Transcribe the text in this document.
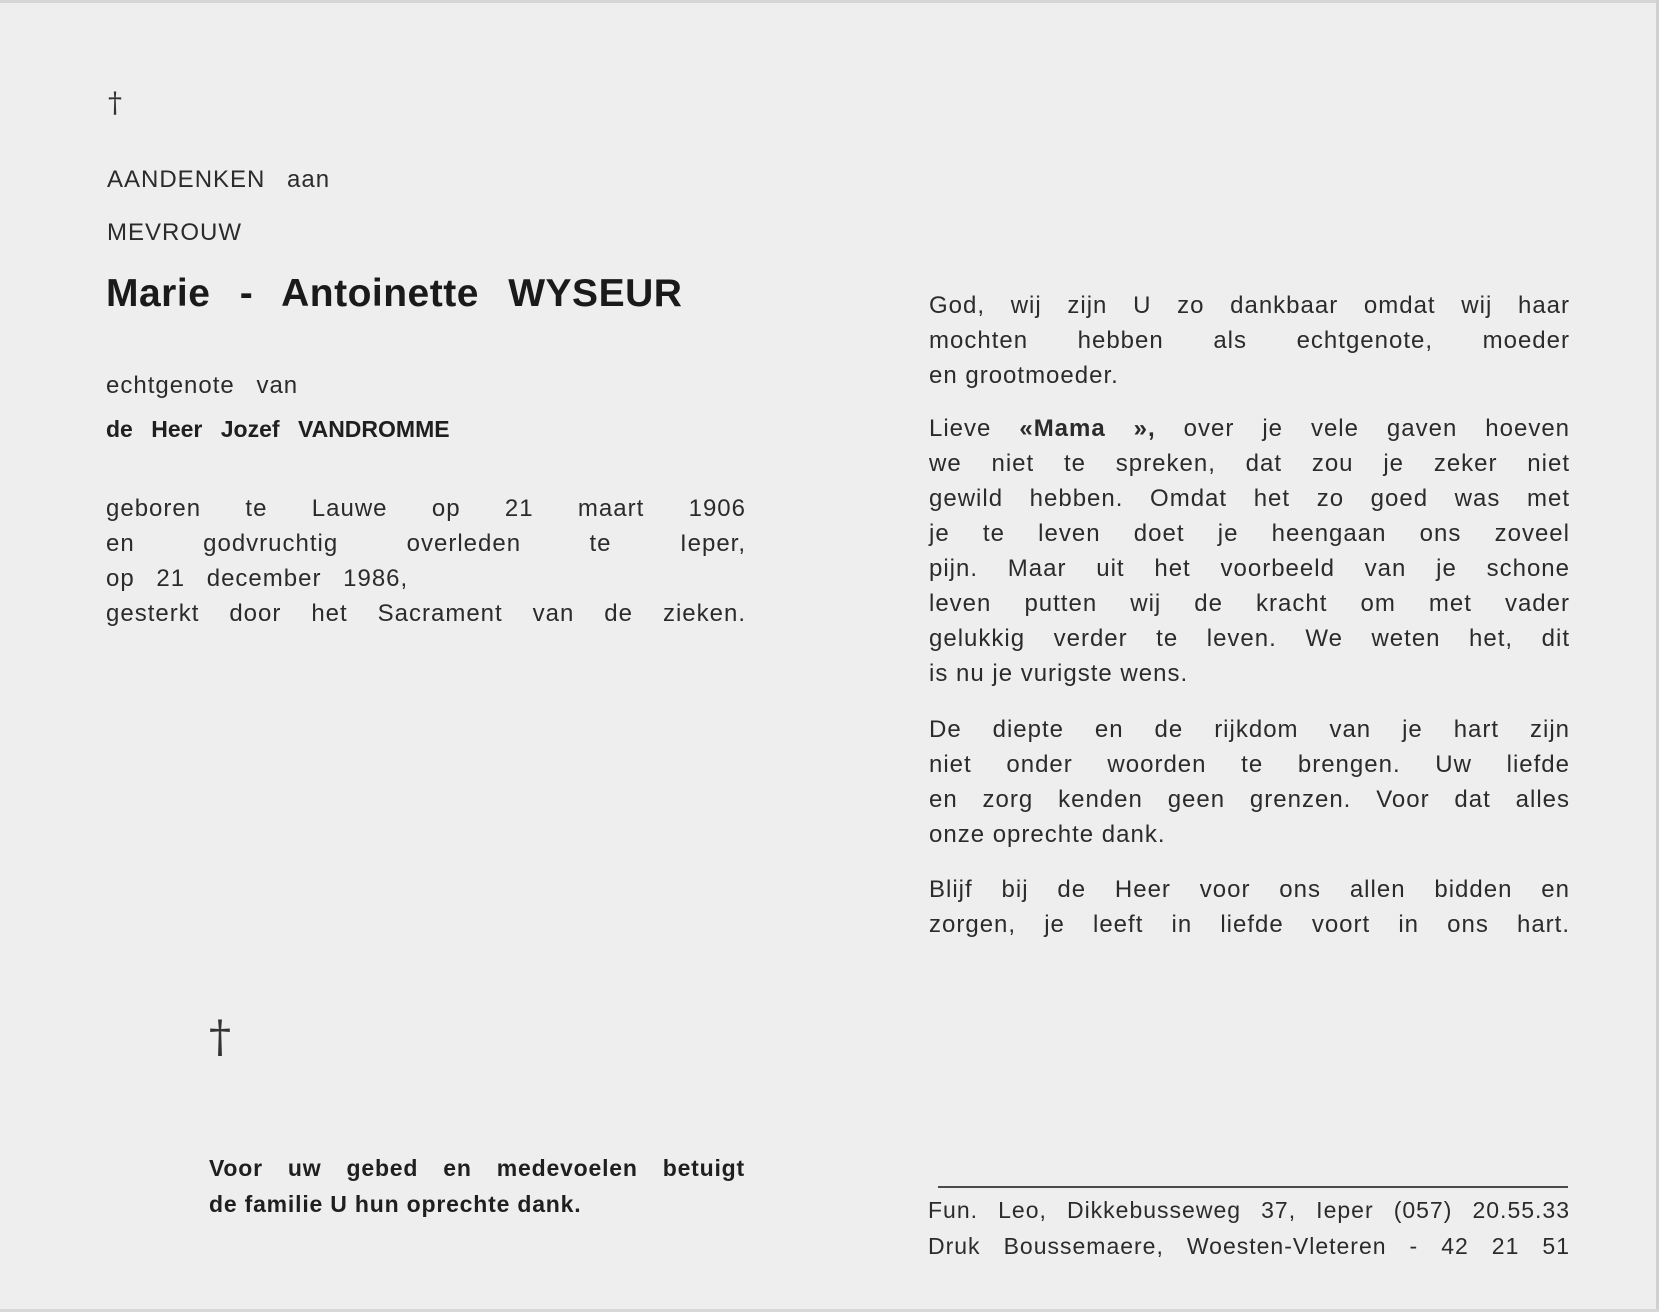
†
AANDENKEN aan
MEVROUW
Marie - Antoinette WYSEUR
echtgenote van
de Heer Jozef VANDROMME
geboren te Lauwe op 21 maart 1906
en godvruchtig overleden te Ieper,
op 21 december 1986,
gesterkt door het Sacrament van de zieken.
†
Voor uw gebed en medevoelen betuigt
de familie U hun oprechte dank.
God, wij zijn U zo dankbaar omdat wij haar
mochten hebben als echtgenote, moeder
en grootmoeder.
Lieve «Mama », over je vele gaven hoeven
we niet te spreken, dat zou je zeker niet
gewild hebben. Omdat het zo goed was met
je te leven doet je heengaan ons zoveel
pijn. Maar uit het voorbeeld van je schone
leven putten wij de kracht om met vader
gelukkig verder te leven. We weten het, dit
is nu je vurigste wens.
De diepte en de rijkdom van je hart zijn
niet onder woorden te brengen. Uw liefde
en zorg kenden geen grenzen. Voor dat alles
onze oprechte dank.
Blijf bij de Heer voor ons allen bidden en
zorgen, je leeft in liefde voort in ons hart.
Fun. Leo, Dikkebusseweg 37, Ieper (057) 20.55.33
Druk Boussemaere, Woesten-Vleteren - 42 21 51
